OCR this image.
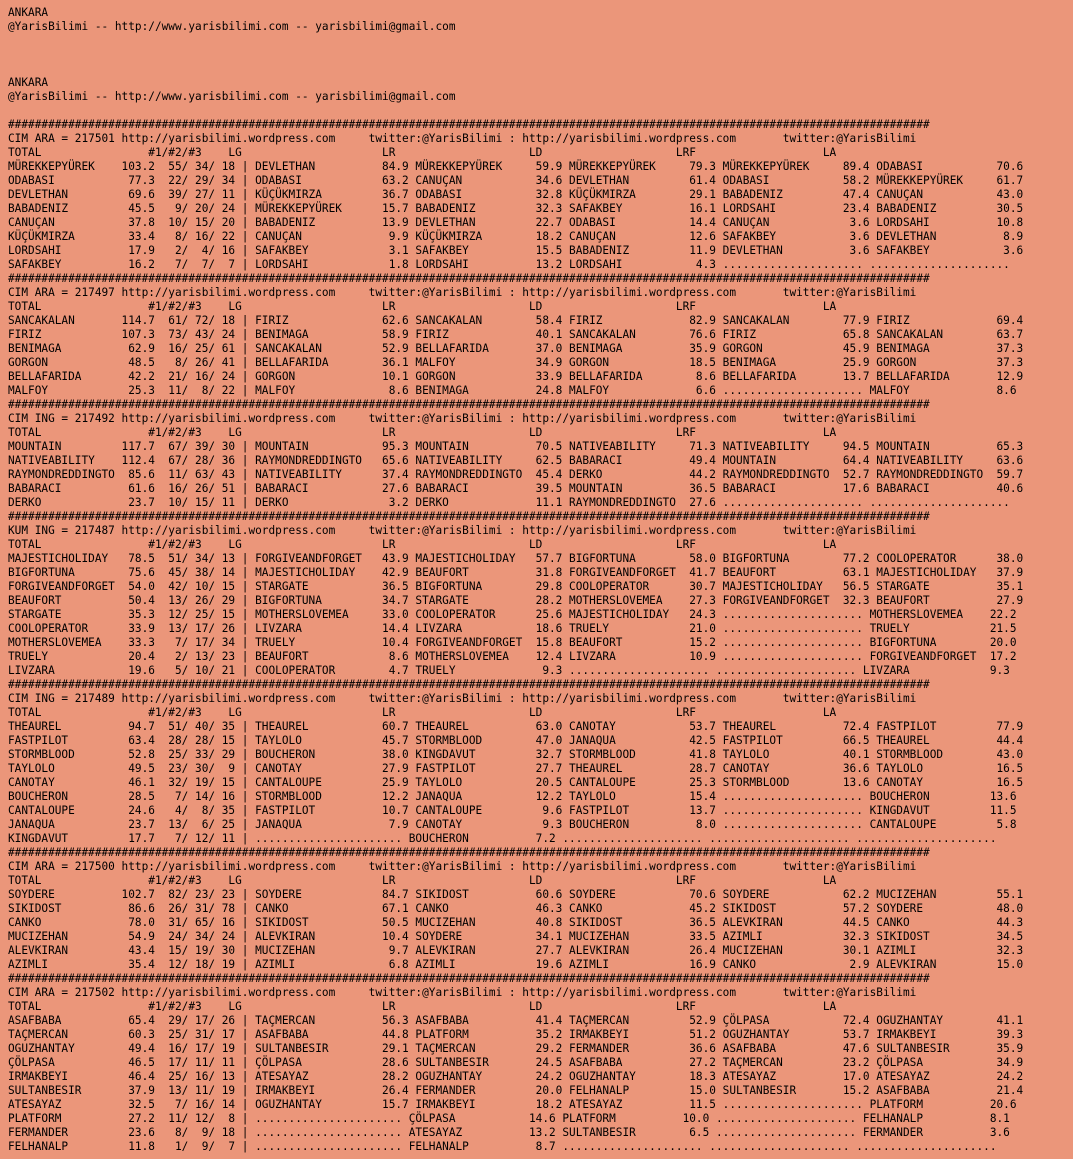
ANKARA
@YarisBilimi -- http://www.yarisbilimi.com -- yarisbilimi@gmail.com
ANKARA
@YarisBilimi -- http://www.yarisbilimi.com -- yarisbilimi@gmail.com
##########################################################################################################################################
CIM ARA = 217501 http://yarisbilimi.wordpress.com     twitter:@YarisBilimi : http://yarisbilimi.wordpress.com       twitter:@YarisBilimi
TOTAL                #1/#2/#3    LG                     LR                    LD                    LRF                   LA
MÜREKKEPYÜREK    103.2  55/ 34/ 18 | DEVLETHAN          84.9 MÜREKKEPYÜREK     59.9 MÜREKKEPYÜREK     79.3 MÜREKKEPYÜREK     89.4 ODABASI           70.6
ODABASI           77.3  22/ 29/ 34 | ODABASI            63.2 CANUÇAN           34.6 DEVLETHAN         61.4 ODABASI           58.2 MÜREKKEPYÜREK     61.7
DEVLETHAN         69.6  39/ 27/ 11 | KÜÇÜKMIRZA         36.7 ODABASI           32.8 KÜÇÜKMIRZA        29.1 BABADENIZ         47.4 CANUÇAN           43.0
BABADENIZ         45.5   9/ 20/ 24 | MÜREKKEPYÜREK      15.7 BABADENIZ         32.3 SAFAKBEY          16.1 LORDSAHI          23.4 BABADENIZ         30.5
CANUÇAN           37.8  10/ 15/ 20 | BABADENIZ          13.9 DEVLETHAN         22.7 ODABASI           14.4 CANUÇAN            3.6 LORDSAHI          10.8
KÜÇÜKMIRZA        33.4   8/ 16/ 22 | CANUÇAN             9.9 KÜÇÜKMIRZA        18.2 CANUÇAN           12.6 SAFAKBEY           3.6 DEVLETHAN          8.9
LORDSAHI          17.9   2/  4/ 16 | SAFAKBEY            3.1 SAFAKBEY          15.5 BABADENIZ         11.9 DEVLETHAN          3.6 SAFAKBEY           3.6
SAFAKBEY          16.2   7/  7/  7 | LORDSAHI            1.8 LORDSAHI          13.2 LORDSAHI           4.3 ..................... .....................
##########################################################################################################################################
CIM ARA = 217497 http://yarisbilimi.wordpress.com     twitter:@YarisBilimi : http://yarisbilimi.wordpress.com       twitter:@YarisBilimi
TOTAL                #1/#2/#3    LG                     LR                    LD                    LRF                   LA
SANCAKALAN       114.7  61/ 72/ 18 | FIRIZ              62.6 SANCAKALAN        58.4 FIRIZ             82.9 SANCAKALAN        77.9 FIRIZ             69.4
FIRIZ            107.3  73/ 43/ 24 | BENIMAGA           58.9 FIRIZ             40.1 SANCAKALAN        76.6 FIRIZ             65.8 SANCAKALAN        63.7
BENIMAGA          62.9  16/ 25/ 61 | SANCAKALAN         52.9 BELLAFARIDA       37.0 BENIMAGA          35.9 GORGON            45.9 BENIMAGA          37.3
GORGON            48.5   8/ 26/ 41 | BELLAFARIDA        36.1 MALFOY            34.9 GORGON            18.5 BENIMAGA          25.9 GORGON            37.3
BELLAFARIDA       42.2  21/ 16/ 24 | GORGON             10.1 GORGON            33.9 BELLAFARIDA        8.6 BELLAFARIDA       13.7 BELLAFARIDA       12.9
MALFOY            25.3  11/  8/ 22 | MALFOY              8.6 BENIMAGA          24.8 MALFOY             6.6 ..................... MALFOY             8.6
##########################################################################################################################################
CIM ING = 217492 http://yarisbilimi.wordpress.com     twitter:@YarisBilimi : http://yarisbilimi.wordpress.com       twitter:@YarisBilimi
TOTAL                #1/#2/#3    LG                     LR                    LD                    LRF                   LA
MOUNTAIN         117.7  67/ 39/ 30 | MOUNTAIN           95.3 MOUNTAIN          70.5 NATIVEABILITY     71.3 NATIVEABILITY     94.5 MOUNTAIN          65.3
NATIVEABILITY    112.4  67/ 28/ 36 | RAYMONDREDDINGTO   65.6 NATIVEABILITY     62.5 BABARACI          49.4 MOUNTAIN          64.4 NATIVEABILITY     63.6
RAYMONDREDDINGTO  85.6  11/ 63/ 43 | NATIVEABILITY      37.4 RAYMONDREDDINGTO  45.4 DERKO             44.2 RAYMONDREDDINGTO  52.7 RAYMONDREDDINGTO  59.7
BABARACI          61.6  16/ 26/ 51 | BABARACI           27.6 BABARACI          39.5 MOUNTAIN          36.5 BABARACI          17.6 BABARACI          40.6
DERKO             23.7  10/ 15/ 11 | DERKO               3.2 DERKO             11.1 RAYMONDREDDINGTO  27.6 ..................... .....................
##########################################################################################################################################
KUM ING = 217487 http://yarisbilimi.wordpress.com     twitter:@YarisBilimi : http://yarisbilimi.wordpress.com       twitter:@YarisBilimi
TOTAL                #1/#2/#3    LG                     LR                    LD                    LRF                   LA
MAJESTICHOLIDAY   78.5  51/ 34/ 13 | FORGIVEANDFORGET   43.9 MAJESTICHOLIDAY   57.7 BIGFORTUNA        58.0 BIGFORTUNA        77.2 COOLOPERATOR      38.0
BIGFORTUNA        75.6  45/ 38/ 14 | MAJESTICHOLIDAY    42.9 BEAUFORT          31.8 FORGIVEANDFORGET  41.7 BEAUFORT          63.1 MAJESTICHOLIDAY   37.9
FORGIVEANDFORGET  54.0  42/ 10/ 15 | STARGATE           36.5 BIGFORTUNA        29.8 COOLOPERATOR      30.7 MAJESTICHOLIDAY   56.5 STARGATE          35.1
BEAUFORT          50.4  13/ 26/ 29 | BIGFORTUNA         34.7 STARGATE          28.2 MOTHERSLOVEMEA    27.3 FORGIVEANDFORGET  32.3 BEAUFORT          27.9
STARGATE          35.3  12/ 25/ 15 | MOTHERSLOVEMEA     33.0 COOLOPERATOR      25.6 MAJESTICHOLIDAY   24.3 ..................... MOTHERSLOVEMEA    22.2
COOLOPERATOR      33.9  13/ 17/ 26 | LIVZARA            14.4 LIVZARA           18.6 TRUELY            21.0 ..................... TRUELY            21.5
MOTHERSLOVEMEA    33.3   7/ 17/ 34 | TRUELY             10.4 FORGIVEANDFORGET  15.8 BEAUFORT          15.2 ..................... BIGFORTUNA        20.0
TRUELY            20.4   2/ 13/ 23 | BEAUFORT            8.6 MOTHERSLOVEMEA    12.4 LIVZARA           10.9 ..................... FORGIVEANDFORGET  17.2
LIVZARA           19.6   5/ 10/ 21 | COOLOPERATOR        4.7 TRUELY             9.3 ..................... ..................... LIVZARA            9.3
##########################################################################################################################################
CIM ING = 217489 http://yarisbilimi.wordpress.com     twitter:@YarisBilimi : http://yarisbilimi.wordpress.com       twitter:@YarisBilimi
TOTAL                #1/#2/#3    LG                     LR                    LD                    LRF                   LA
THEAUREL          94.7  51/ 40/ 35 | THEAUREL           60.7 THEAUREL          63.0 CANOTAY           53.7 THEAUREL          72.4 FASTPILOT         77.9
FASTPILOT         63.4  28/ 28/ 15 | TAYLOLO            45.7 STORMBLOOD        47.0 JANAQUA           42.5 FASTPILOT         66.5 THEAUREL          44.4
STORMBLOOD        52.8  25/ 33/ 29 | BOUCHERON          38.0 KINGDAVUT         32.7 STORMBLOOD        41.8 TAYLOLO           40.1 STORMBLOOD        43.0
TAYLOLO           49.5  23/ 30/  9 | CANOTAY            27.9 FASTPILOT         27.7 THEAUREL          28.7 CANOTAY           36.6 TAYLOLO           16.5
CANOTAY           46.1  32/ 19/ 15 | CANTALOUPE         25.9 TAYLOLO           20.5 CANTALOUPE        25.3 STORMBLOOD        13.6 CANOTAY           16.5
BOUCHERON         28.5   7/ 14/ 16 | STORMBLOOD         12.2 JANAQUA           12.2 TAYLOLO           15.4 ..................... BOUCHERON         13.6
CANTALOUPE        24.6   4/  8/ 35 | FASTPILOT          10.7 CANTALOUPE         9.6 FASTPILOT         13.7 ..................... KINGDAVUT         11.5
JANAQUA           23.7  13/  6/ 25 | JANAQUA             7.9 CANOTAY            9.3 BOUCHERON          8.0 ..................... CANTALOUPE         5.8
KINGDAVUT         17.7   7/ 12/ 11 | ...................... BOUCHERON          7.2 ..................... ..................... .....................
##########################################################################################################################################
CIM ARA = 217500 http://yarisbilimi.wordpress.com     twitter:@YarisBilimi : http://yarisbilimi.wordpress.com       twitter:@YarisBilimi
TOTAL                #1/#2/#3    LG                     LR                    LD                    LRF                   LA
SOYDERE          102.7  82/ 23/ 23 | SOYDERE            84.7 SIKIDOST          60.6 SOYDERE           70.6 SOYDERE           62.2 MUCIZEHAN         55.1
SIKIDOST          86.6  26/ 31/ 78 | CANKO              67.1 CANKO             46.3 CANKO             45.2 SIKIDOST          57.2 SOYDERE           48.0
CANKO             78.0  31/ 65/ 16 | SIKIDOST           50.5 MUCIZEHAN         40.8 SIKIDOST          36.5 ALEVKIRAN         44.5 CANKO             44.3
MUCIZEHAN         54.9  24/ 34/ 24 | ALEVKIRAN          10.4 SOYDERE           34.1 MUCIZEHAN         33.5 AZIMLI            32.3 SIKIDOST          34.5
ALEVKIRAN         43.4  15/ 19/ 30 | MUCIZEHAN           9.7 ALEVKIRAN         27.7 ALEVKIRAN         26.4 MUCIZEHAN         30.1 AZIMLI            32.3
AZIMLI            35.4  12/ 18/ 19 | AZIMLI              6.8 AZIMLI            19.6 AZIMLI            16.9 CANKO              2.9 ALEVKIRAN         15.0
##########################################################################################################################################
CIM ARA = 217502 http://yarisbilimi.wordpress.com     twitter:@YarisBilimi : http://yarisbilimi.wordpress.com       twitter:@YarisBilimi
TOTAL                #1/#2/#3    LG                     LR                    LD                    LRF                   LA
ASAFBABA          65.4  29/ 17/ 26 | TAÇMERCAN          56.3 ASAFBABA          41.4 TAÇMERCAN         52.9 ÇÖLPASA           72.4 OGUZHANTAY        41.1
TAÇMERCAN         60.3  25/ 31/ 17 | ASAFBABA           44.8 PLATFORM          35.2 IRMAKBEYI         51.2 OGUZHANTAY        53.7 IRMAKBEYI         39.3
OGUZHANTAY        49.4  16/ 17/ 19 | SULTANBESIR        29.1 TAÇMERCAN         29.2 FERMANDER         36.6 ASAFBABA          47.6 SULTANBESIR       35.9
ÇÖLPASA           46.5  17/ 11/ 11 | ÇÖLPASA            28.6 SULTANBESIR       24.5 ASAFBABA          27.2 TAÇMERCAN         23.2 ÇÖLPASA           34.9
IRMAKBEYI         46.4  25/ 16/ 13 | ATESAYAZ           28.2 OGUZHANTAY        24.2 OGUZHANTAY        18.3 ATESAYAZ          17.0 ATESAYAZ          24.2
SULTANBESIR       37.9  13/ 11/ 19 | IRMAKBEYI          26.4 FERMANDER         20.0 FELHANALP         15.0 SULTANBESIR       15.2 ASAFBABA          21.4
ATESAYAZ          32.5   7/ 16/ 14 | OGUZHANTAY         15.7 IRMAKBEYI         18.2 ATESAYAZ          11.5 ..................... PLATFORM          20.6
PLATFORM          27.2  11/ 12/  8 | ...................... ÇÖLPASA           14.6 PLATFORM          10.0 ..................... FELHANALP          8.1
FERMANDER         23.6   8/  9/ 18 | ...................... ATESAYAZ          13.2 SULTANBESIR        6.5 ..................... FERMANDER          3.6
FELHANALP         11.8   1/  9/  7 | ...................... FELHANALP          8.7 ..................... ..................... .....................
